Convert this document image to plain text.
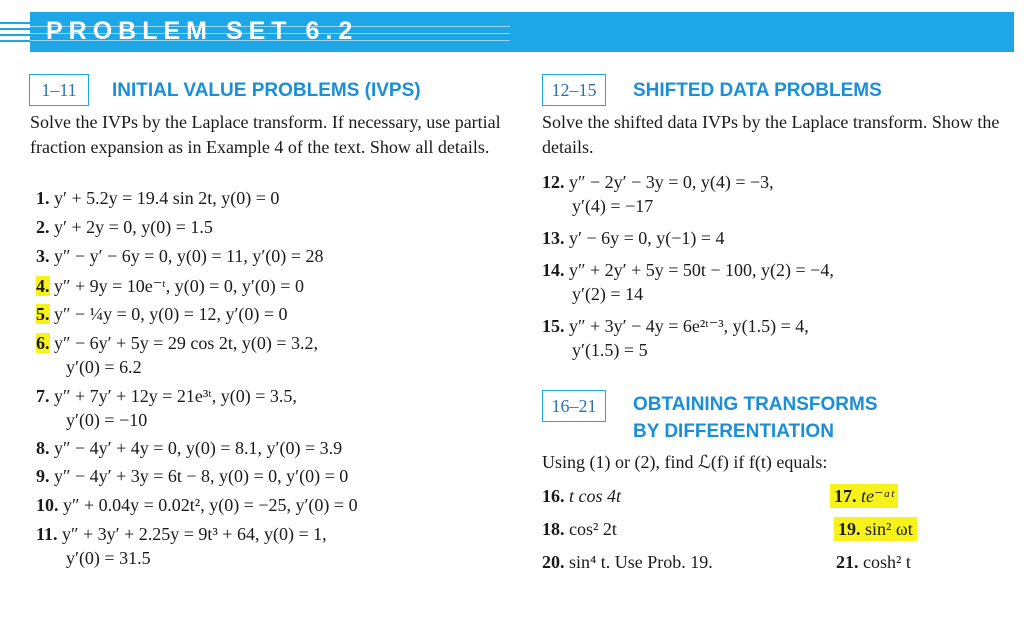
PROBLEM SET 6.2
1–11	INITIAL VALUE PROBLEMS (IVPS)
Solve the IVPs by the Laplace transform. If necessary, use partial fraction expansion as in Example 4 of the text. Show all details.
1. y′ + 5.2y = 19.4 sin 2t, y(0) = 0
2. y′ + 2y = 0, y(0) = 1.5
3. y″ − y′ − 6y = 0, y(0) = 11, y′(0) = 28
4. y″ + 9y = 10e⁻ᵗ, y(0) = 0, y′(0) = 0
5. y″ − ¼y = 0, y(0) = 12, y′(0) = 0
6. y″ − 6y′ + 5y = 29 cos 2t, y(0) = 3.2,
y′(0) = 6.2
7. y″ + 7y′ + 12y = 21e³ᵗ, y(0) = 3.5,
y′(0) = −10
8. y″ − 4y′ + 4y = 0, y(0) = 8.1, y′(0) = 3.9
9. y″ − 4y′ + 3y = 6t − 8, y(0) = 0, y′(0) = 0
10. y″ + 0.04y = 0.02t², y(0) = −25, y′(0) = 0
11. y″ + 3y′ + 2.25y = 9t³ + 64, y(0) = 1,
y′(0) = 31.5
12–15	SHIFTED DATA PROBLEMS
Solve the shifted data IVPs by the Laplace transform. Show the details.
12. y″ − 2y′ − 3y = 0, y(4) = −3,
y′(4) = −17
13. y′ − 6y = 0, y(−1) = 4
14. y″ + 2y′ + 5y = 50t − 100, y(2) = −4,
y′(2) = 14
15. y″ + 3y′ − 4y = 6e²ᵗ⁻³, y(1.5) = 4,
y′(1.5) = 5
16–21	OBTAINING TRANSFORMS
BY DIFFERENTIATION
Using (1) or (2), find ℒ(f) if f(t) equals:
16. t cos 4t	17. te⁻ᵃᵗ
18. cos² 2t	19. sin² ωt
20. sin⁴ t. Use Prob. 19.	21. cosh² t
